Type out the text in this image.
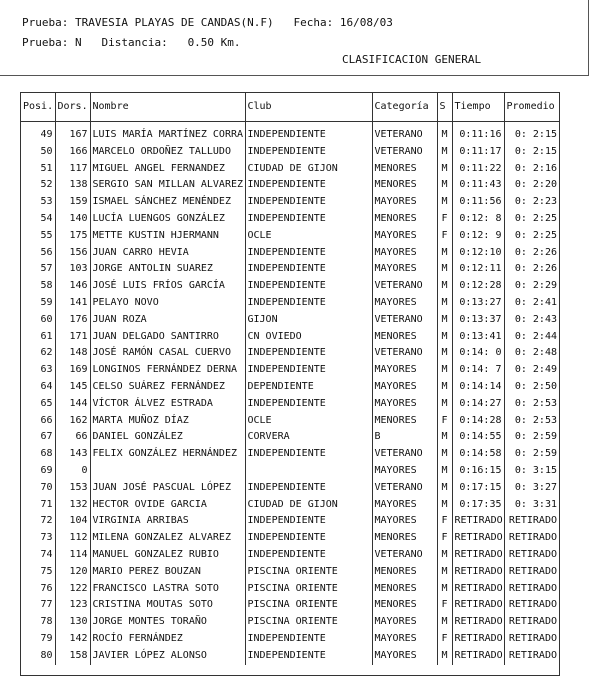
Prueba: TRAVESIA PLAYAS DE CANDAS(N.F)   Fecha: 16/08/03
Prueba: N   Distancia:   0.50 Km.
CLASIFICACION GENERAL
Posi.	Dors.	Nombre	Club	Categoría	S	Tiempo	Promedio

49	167	LUIS MARÍA MARTÍNEZ CORRA	INDEPENDIENTE	VETERANO	M	0:11:16	0: 2:15
50	166	MARCELO ORDOÑEZ TALLUDO	INDEPENDIENTE	VETERANO	M	0:11:17	0: 2:15
51	117	MIGUEL ANGEL FERNANDEZ	CIUDAD DE GIJON	MENORES	M	0:11:22	0: 2:16
52	138	SERGIO SAN MILLAN ALVAREZ	INDEPENDIENTE	MENORES	M	0:11:43	0: 2:20
53	159	ISMAEL SÁNCHEZ MENÉNDEZ	INDEPENDIENTE	MAYORES	M	0:11:56	0: 2:23
54	140	LUCÍA LUENGOS GONZÁLEZ	INDEPENDIENTE	MENORES	F	0:12: 8	0: 2:25
55	175	METTE KUSTIN HJERMANN	OCLE	MAYORES	F	0:12: 9	0: 2:25
56	156	JUAN CARRO HEVIA	INDEPENDIENTE	MAYORES	M	0:12:10	0: 2:26
57	103	JORGE ANTOLIN SUAREZ	INDEPENDIENTE	MAYORES	M	0:12:11	0: 2:26
58	146	JOSÉ LUIS FRÍOS GARCÍA	INDEPENDIENTE	VETERANO	M	0:12:28	0: 2:29
59	141	PELAYO NOVO	INDEPENDIENTE	MAYORES	M	0:13:27	0: 2:41
60	176	JUAN ROZA	GIJON	VETERANO	M	0:13:37	0: 2:43
61	171	JUAN DELGADO SANTIRRO	CN OVIEDO	MENORES	M	0:13:41	0: 2:44
62	148	JOSÉ RAMÓN CASAL CUERVO	INDEPENDIENTE	VETERANO	M	0:14: 0	0: 2:48
63	169	LONGINOS FERNÁNDEZ DERNA	INDEPENDIENTE	MAYORES	M	0:14: 7	0: 2:49
64	145	CELSO SUÁREZ FERNÁNDEZ	DEPENDIENTE	MAYORES	M	0:14:14	0: 2:50
65	144	VÍCTOR ÁLVEZ ESTRADA	INDEPENDIENTE	MAYORES	M	0:14:27	0: 2:53
66	162	MARTA MUÑOZ DÍAZ	OCLE	MENORES	F	0:14:28	0: 2:53
67	66	DANIEL GONZÁLEZ	CORVERA	B	M	0:14:55	0: 2:59
68	143	FELIX GONZÁLEZ HERNÁNDEZ	INDEPENDIENTE	VETERANO	M	0:14:58	0: 2:59
69	0			MAYORES	M	0:16:15	0: 3:15
70	153	JUAN JOSÉ PASCUAL LÓPEZ	INDEPENDIENTE	VETERANO	M	0:17:15	0: 3:27
71	132	HECTOR OVIDE GARCIA	CIUDAD DE GIJON	MAYORES	M	0:17:35	0: 3:31
72	104	VIRGINIA ARRIBAS	INDEPENDIENTE	MAYORES	F	RETIRADO	RETIRADO
73	112	MILENA GONZALEZ ALVAREZ	INDEPENDIENTE	MENORES	F	RETIRADO	RETIRADO
74	114	MANUEL GONZALEZ RUBIO	INDEPENDIENTE	VETERANO	M	RETIRADO	RETIRADO
75	120	MARIO PEREZ BOUZAN	PISCINA ORIENTE	MENORES	M	RETIRADO	RETIRADO
76	122	FRANCISCO LASTRA SOTO	PISCINA ORIENTE	MENORES	M	RETIRADO	RETIRADO
77	123	CRISTINA MOUTAS SOTO	PISCINA ORIENTE	MENORES	F	RETIRADO	RETIRADO
78	130	JORGE MONTES TORAÑO	PISCINA ORIENTE	MAYORES	M	RETIRADO	RETIRADO
79	142	ROCÍO FERNÁNDEZ	INDEPENDIENTE	MAYORES	F	RETIRADO	RETIRADO
80	158	JAVIER LÓPEZ ALONSO	INDEPENDIENTE	MAYORES	M	RETIRADO	RETIRADO
